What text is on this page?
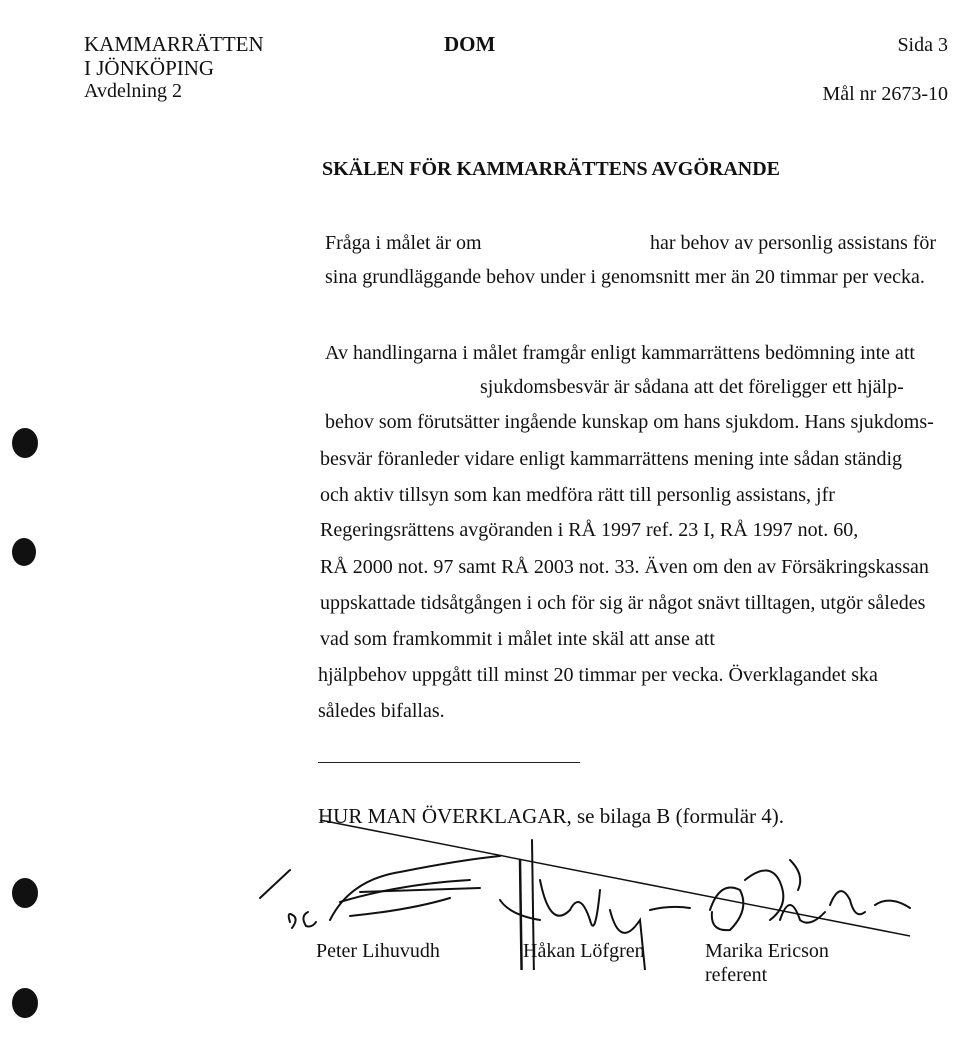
KAMMARRÄTTEN
I JÖNKÖPING
Avdelning 2
DOM	Sida 3
Mål nr 2673-10
SKÄLEN FÖR KAMMARRÄTTENS AVGÖRANDE
Fråga i målet är om	har behov av personlig assistans för
sina grundläggande behov under i genomsnitt mer än 20 timmar per vecka.
Av handlingarna i målet framgår enligt kammarrättens bedömning inte att
sjukdomsbesvär är sådana att det föreligger ett hjälp-
behov som förutsätter ingående kunskap om hans sjukdom. Hans sjukdoms-
besvär föranleder vidare enligt kammarrättens mening inte sådan ständig
och aktiv tillsyn som kan medföra rätt till personlig assistans, jfr
Regeringsrättens avgöranden i RÅ 1997 ref. 23 I, RÅ 1997 not. 60,
RÅ 2000 not. 97 samt RÅ 2003 not. 33. Även om den av Försäkringskassan
uppskattade tidsåtgången i och för sig är något snävt tilltagen, utgör således
vad som framkommit i målet inte skäl att anse att
hjälpbehov uppgått till minst 20 timmar per vecka. Överklagandet ska
således bifallas.
HUR MAN ÖVERKLAGAR, se bilaga B (formulär 4).
Peter Lihuvudh	Håkan Löfgren	Marika Ericson
referent
